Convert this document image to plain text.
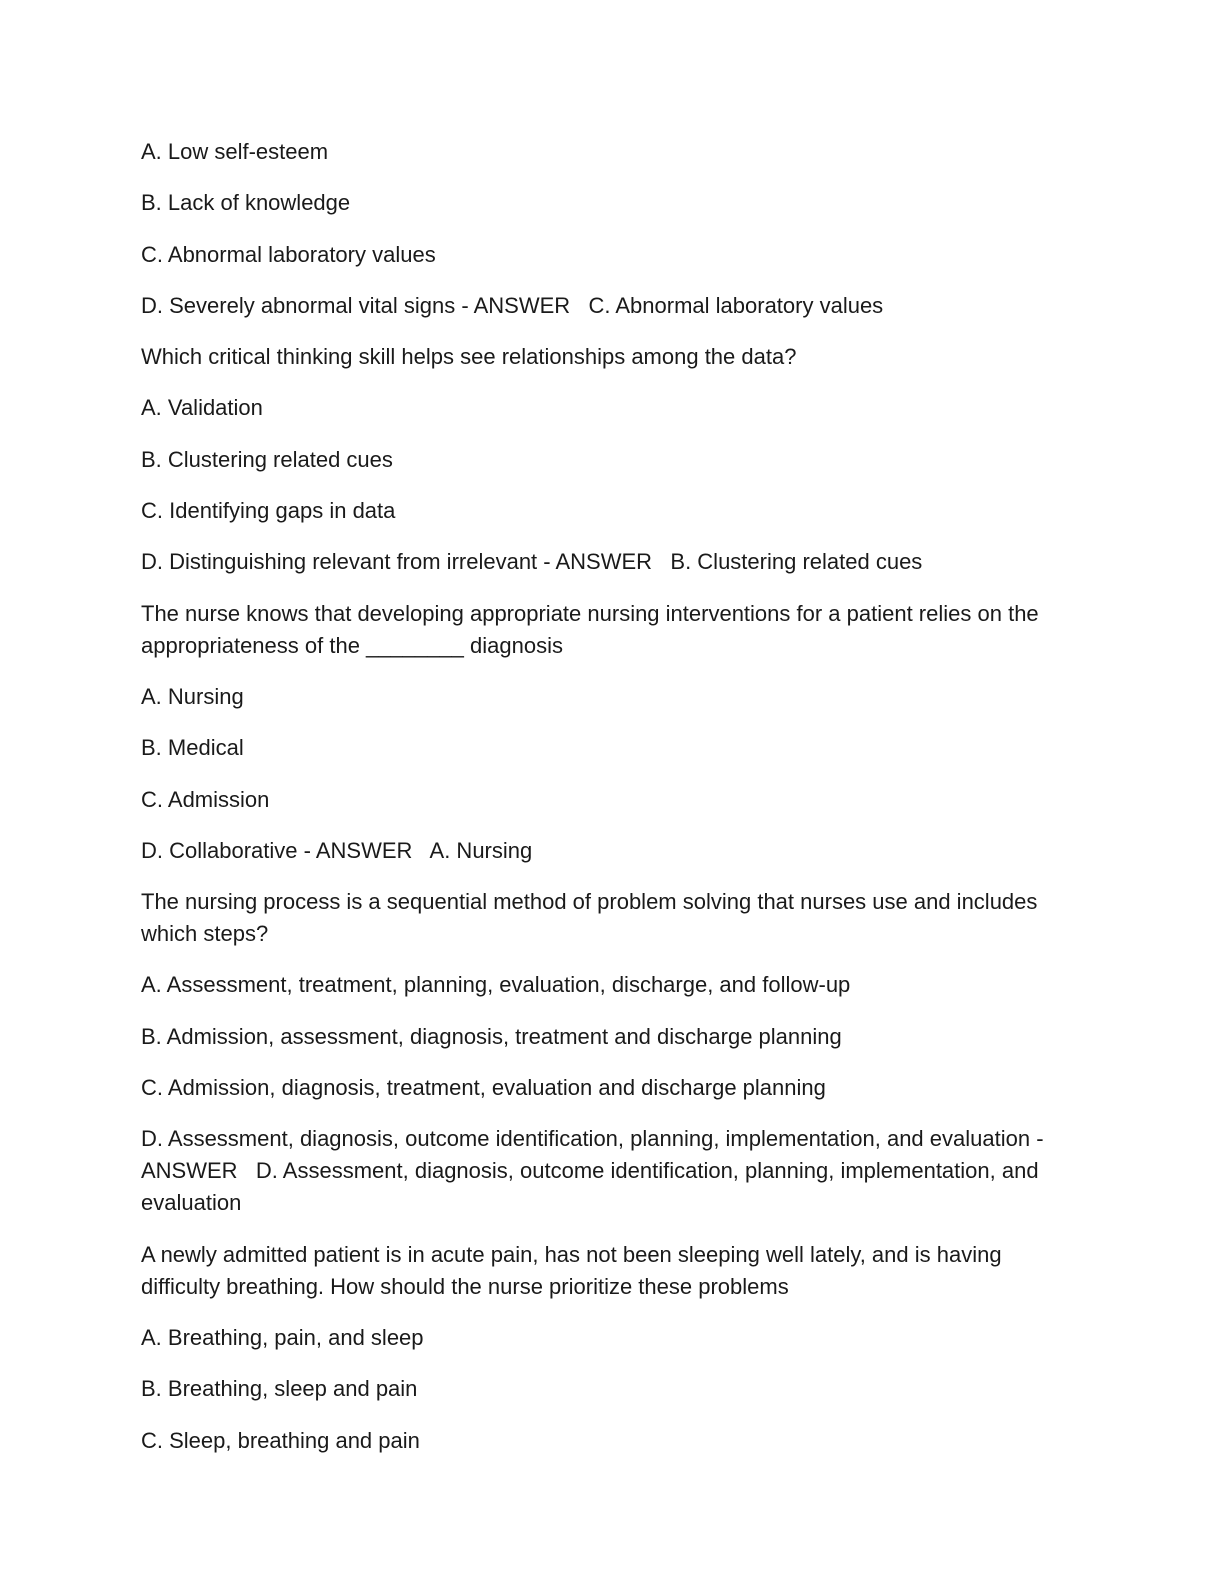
A. Low self-esteem

B. Lack of knowledge

C. Abnormal laboratory values

D. Severely abnormal vital signs - ANSWER   C. Abnormal laboratory values

Which critical thinking skill helps see relationships among the data?

A. Validation

B. Clustering related cues

C. Identifying gaps in data

D. Distinguishing relevant from irrelevant - ANSWER   B. Clustering related cues

The nurse knows that developing appropriate nursing interventions for a patient relies on the appropriateness of the ________ diagnosis

A. Nursing

B. Medical

C. Admission

D. Collaborative - ANSWER   A. Nursing

The nursing process is a sequential method of problem solving that nurses use and includes which steps?

A. Assessment, treatment, planning, evaluation, discharge, and follow-up

B. Admission, assessment, diagnosis, treatment and discharge planning

C. Admission, diagnosis, treatment, evaluation and discharge planning

D. Assessment, diagnosis, outcome identification, planning, implementation, and evaluation - ANSWER   D. Assessment, diagnosis, outcome identification, planning, implementation, and evaluation

A newly admitted patient is in acute pain, has not been sleeping well lately, and is having difficulty breathing. How should the nurse prioritize these problems

A. Breathing, pain, and sleep

B. Breathing, sleep and pain

C. Sleep, breathing and pain
